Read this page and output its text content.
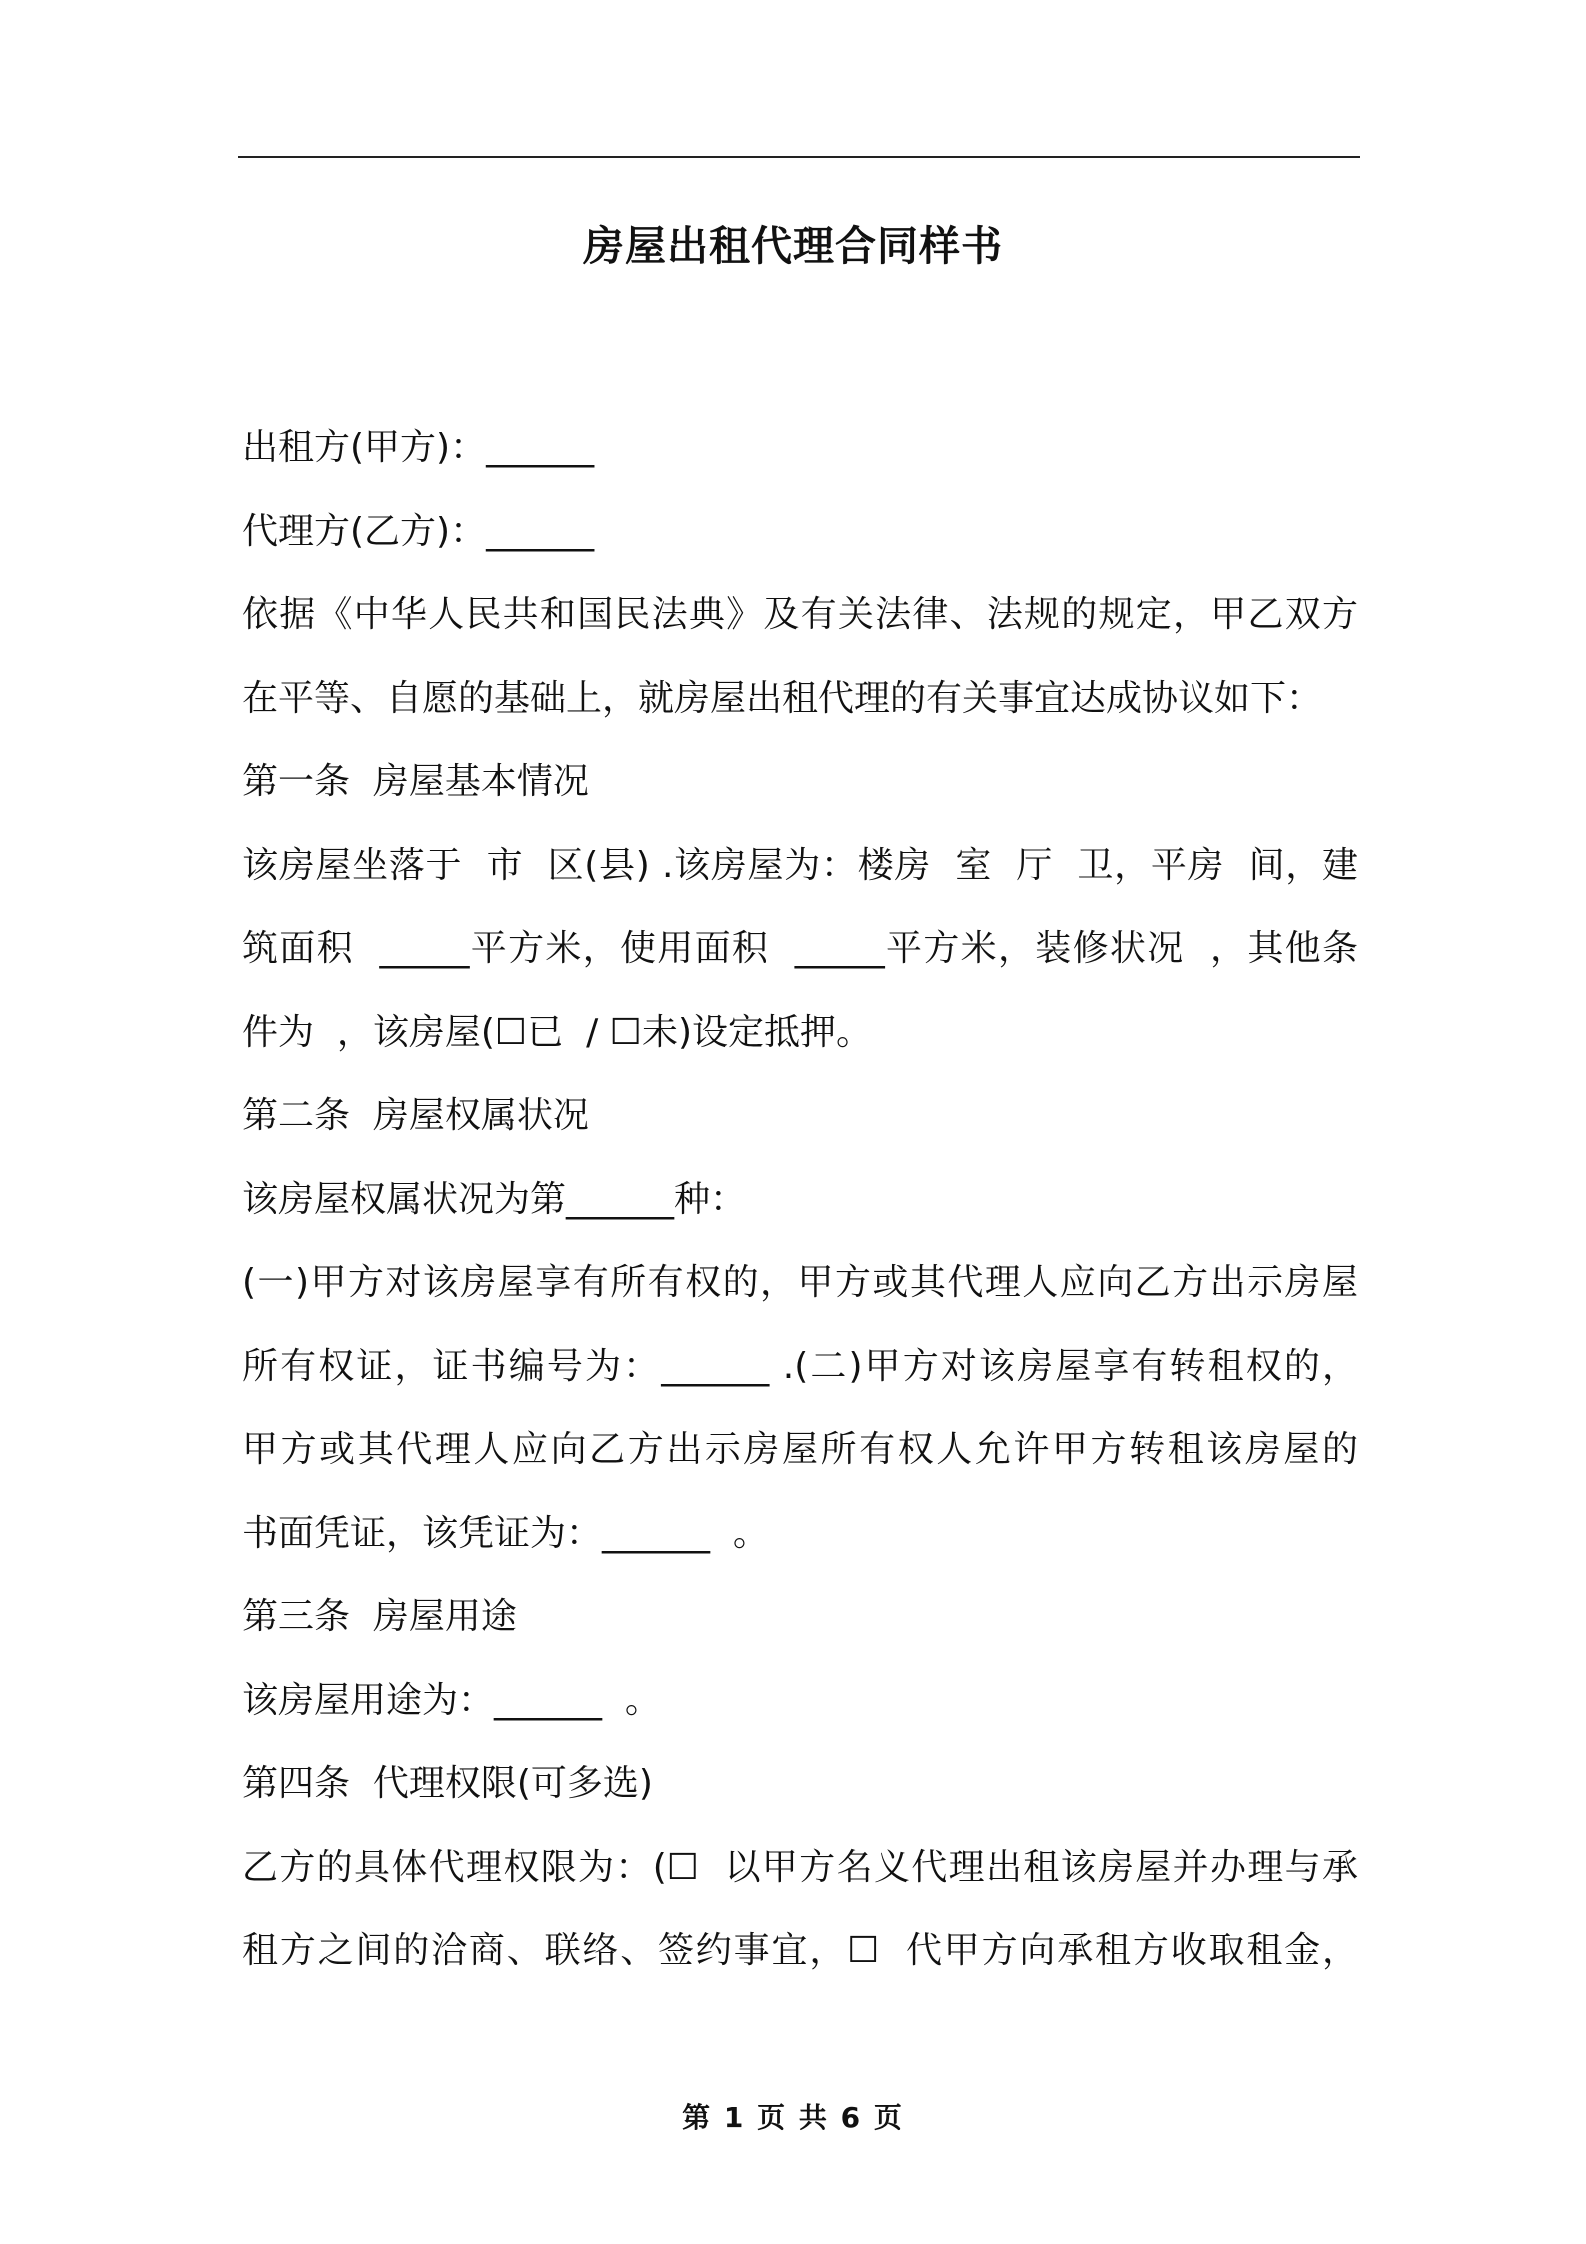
房屋出租代理合同样书
出租方(甲方)：______
代理方(乙方)：______
依据《中华人民共和国民法典》及有关法律、法规的规定，甲乙双方
在平等、自愿的基础上，就房屋出租代理的有关事宜达成协议如下：
第一条  房屋基本情况
该房屋坐落于  市  区(县) .该房屋为：楼房  室  厅  卫，平房  间，建
筑面积  _____平方米，使用面积  _____平方米，装修状况  ，其他条
件为  ，该房屋(☐已  / ☐未)设定抵押。
第二条  房屋权属状况
该房屋权属状况为第______种：
(一)甲方对该房屋享有所有权的，甲方或其代理人应向乙方出示房屋
所有权证，证书编号为：______ .(二)甲方对该房屋享有转租权的，
甲方或其代理人应向乙方出示房屋所有权人允许甲方转租该房屋的
书面凭证，该凭证为：______  。
第三条  房屋用途
该房屋用途为：______  。
第四条  代理权限(可多选)
乙方的具体代理权限为：(☐  以甲方名义代理出租该房屋并办理与承
租方之间的洽商、联络、签约事宜，☐  代甲方向承租方收取租金，
第 1 页 共 6 页
